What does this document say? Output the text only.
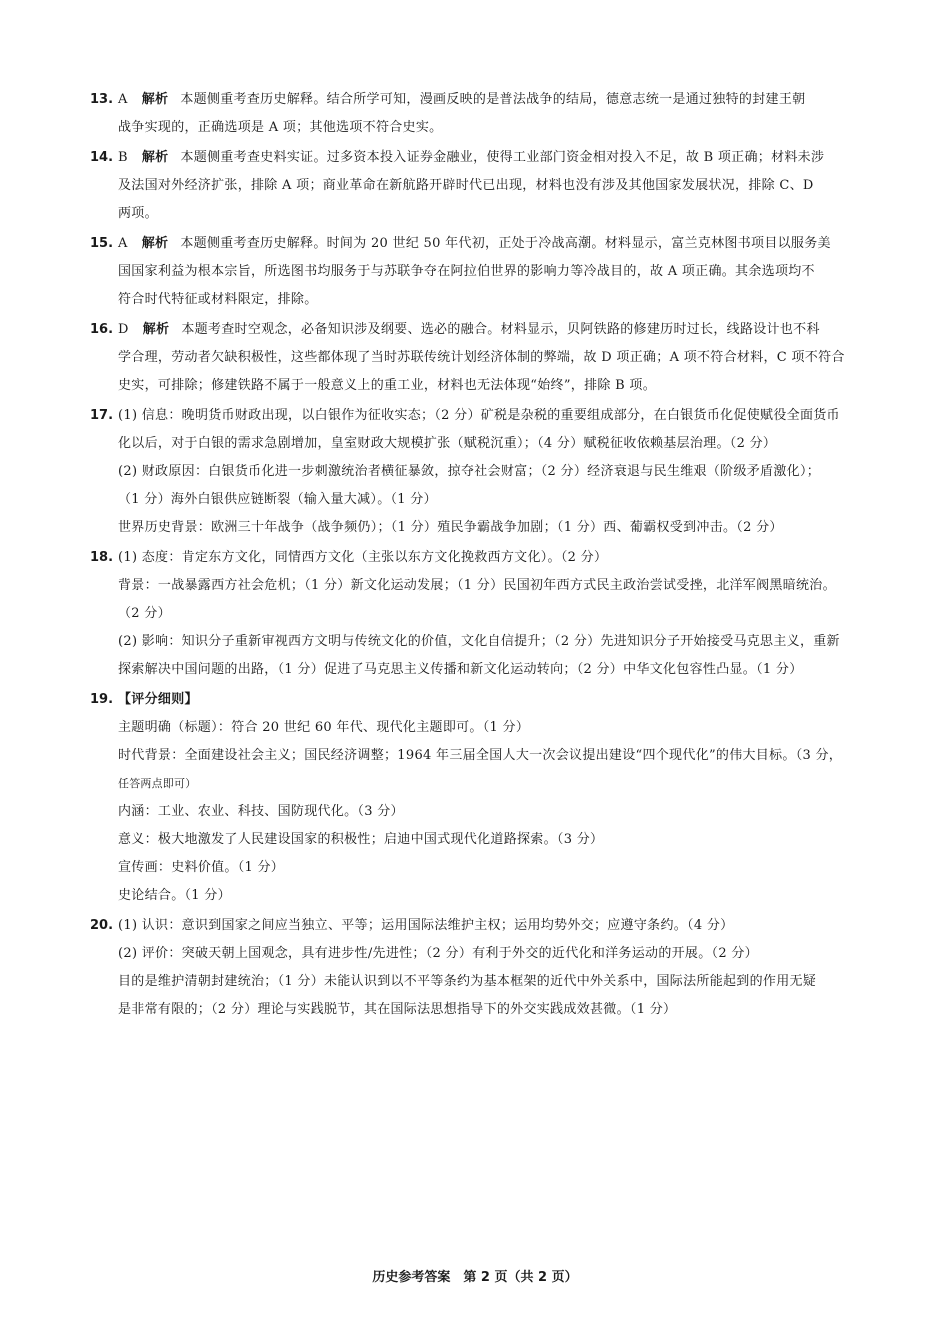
13. A 解析 本题侧重考查历史解释。结合所学可知，漫画反映的是普法战争的结局，德意志统一是通过独特的封建王朝
战争实现的，正确选项是 A 项；其他选项不符合史实。
14. B 解析 本题侧重考查史料实证。过多资本投入证券金融业，使得工业部门资金相对投入不足，故 B 项正确；材料未涉
及法国对外经济扩张，排除 A 项；商业革命在新航路开辟时代已出现，材料也没有涉及其他国家发展状况，排除 C、D
两项。
15. A 解析 本题侧重考查历史解释。时间为 20 世纪 50 年代初，正处于冷战高潮。材料显示，富兰克林图书项目以服务美
国国家利益为根本宗旨，所选图书均服务于与苏联争夺在阿拉伯世界的影响力等冷战目的，故 A 项正确。其余选项均不
符合时代特征或材料限定，排除。
16. D 解析 本题考查时空观念，必备知识涉及纲要、选必的融合。材料显示，贝阿铁路的修建历时过长，线路设计也不科
学合理，劳动者欠缺积极性，这些都体现了当时苏联传统计划经济体制的弊端，故 D 项正确；A 项不符合材料，C 项不符合
史实，可排除；修建铁路不属于一般意义上的重工业，材料也无法体现“始终”，排除 B 项。
17. (1) 信息：晚明货币财政出现，以白银作为征收实态；（2 分）矿税是杂税的重要组成部分，在白银货币化促使赋役全面货币
化以后，对于白银的需求急剧增加，皇室财政大规模扩张（赋税沉重）；（4 分）赋税征收依赖基层治理。（2 分）
(2) 财政原因：白银货币化进一步刺激统治者横征暴敛，掠夺社会财富；（2 分）经济衰退与民生维艰（阶级矛盾激化）；
（1 分）海外白银供应链断裂（输入量大减）。（1 分）
世界历史背景：欧洲三十年战争（战争频仍）；（1 分）殖民争霸战争加剧；（1 分）西、葡霸权受到冲击。（2 分）
18. (1) 态度：肯定东方文化，同情西方文化（主张以东方文化挽救西方文化）。（2 分）
背景：一战暴露西方社会危机；（1 分）新文化运动发展；（1 分）民国初年西方式民主政治尝试受挫，北洋军阀黑暗统治。
（2 分）
(2) 影响：知识分子重新审视西方文明与传统文化的价值，文化自信提升；（2 分）先进知识分子开始接受马克思主义，重新
探索解决中国问题的出路，（1 分）促进了马克思主义传播和新文化运动转向；（2 分）中华文化包容性凸显。（1 分）
19. 【评分细则】
主题明确（标题）：符合 20 世纪 60 年代、现代化主题即可。（1 分）
时代背景：全面建设社会主义；国民经济调整；1964 年三届全国人大一次会议提出建设“四个现代化”的伟大目标。（3 分，
任答两点即可）
内涵：工业、农业、科技、国防现代化。（3 分）
意义：极大地激发了人民建设国家的积极性；启迪中国式现代化道路探索。（3 分）
宣传画：史料价值。（1 分）
史论结合。（1 分）
20. (1) 认识：意识到国家之间应当独立、平等；运用国际法维护主权；运用均势外交；应遵守条约。（4 分）
(2) 评价：突破天朝上国观念，具有进步性/先进性；（2 分）有利于外交的近代化和洋务运动的开展。（2 分）
目的是维护清朝封建统治；（1 分）未能认识到以不平等条约为基本框架的近代中外关系中，国际法所能起到的作用无疑
是非常有限的；（2 分）理论与实践脱节，其在国际法思想指导下的外交实践成效甚微。（1 分）
历史参考答案　第 2 页（共 2 页）
